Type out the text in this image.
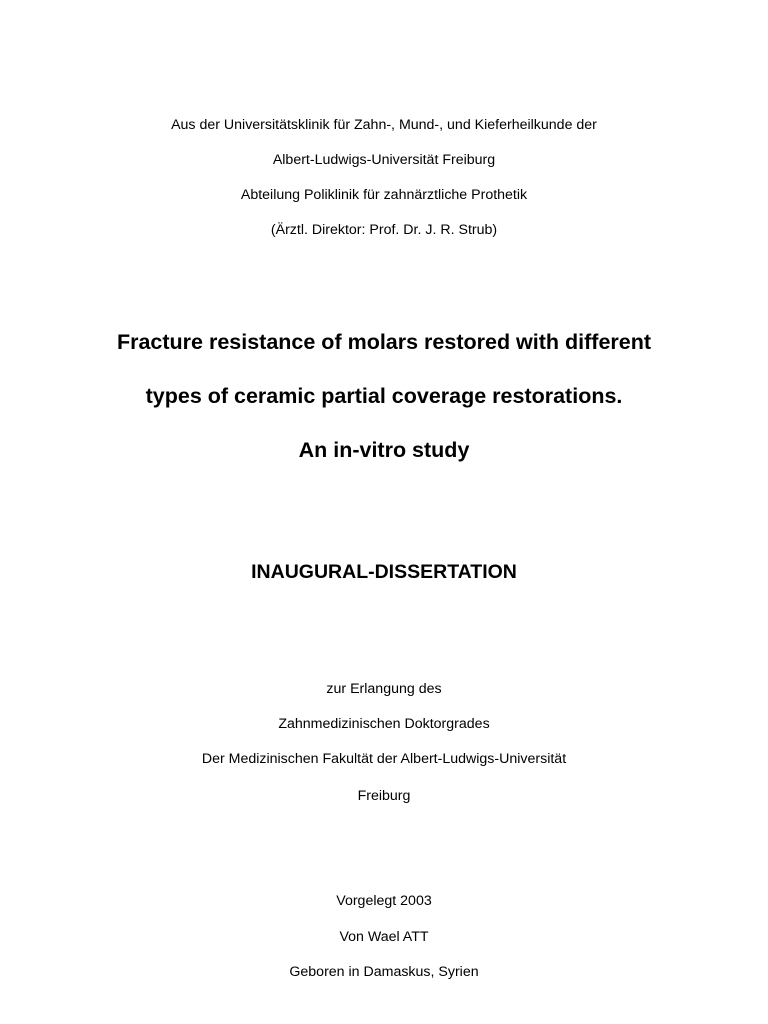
Aus der Universitätsklinik für Zahn-, Mund-, und Kieferheilkunde der
Albert-Ludwigs-Universität Freiburg
Abteilung Poliklinik für zahnärztliche Prothetik
(Ärztl. Direktor: Prof. Dr. J. R. Strub)
Fracture resistance of molars restored with different
types of ceramic partial coverage restorations.
An in-vitro study
INAUGURAL-DISSERTATION
zur Erlangung des
Zahnmedizinischen Doktorgrades
Der Medizinischen Fakultät der Albert-Ludwigs-Universität
Freiburg
Vorgelegt 2003
Von Wael ATT
Geboren in Damaskus, Syrien
